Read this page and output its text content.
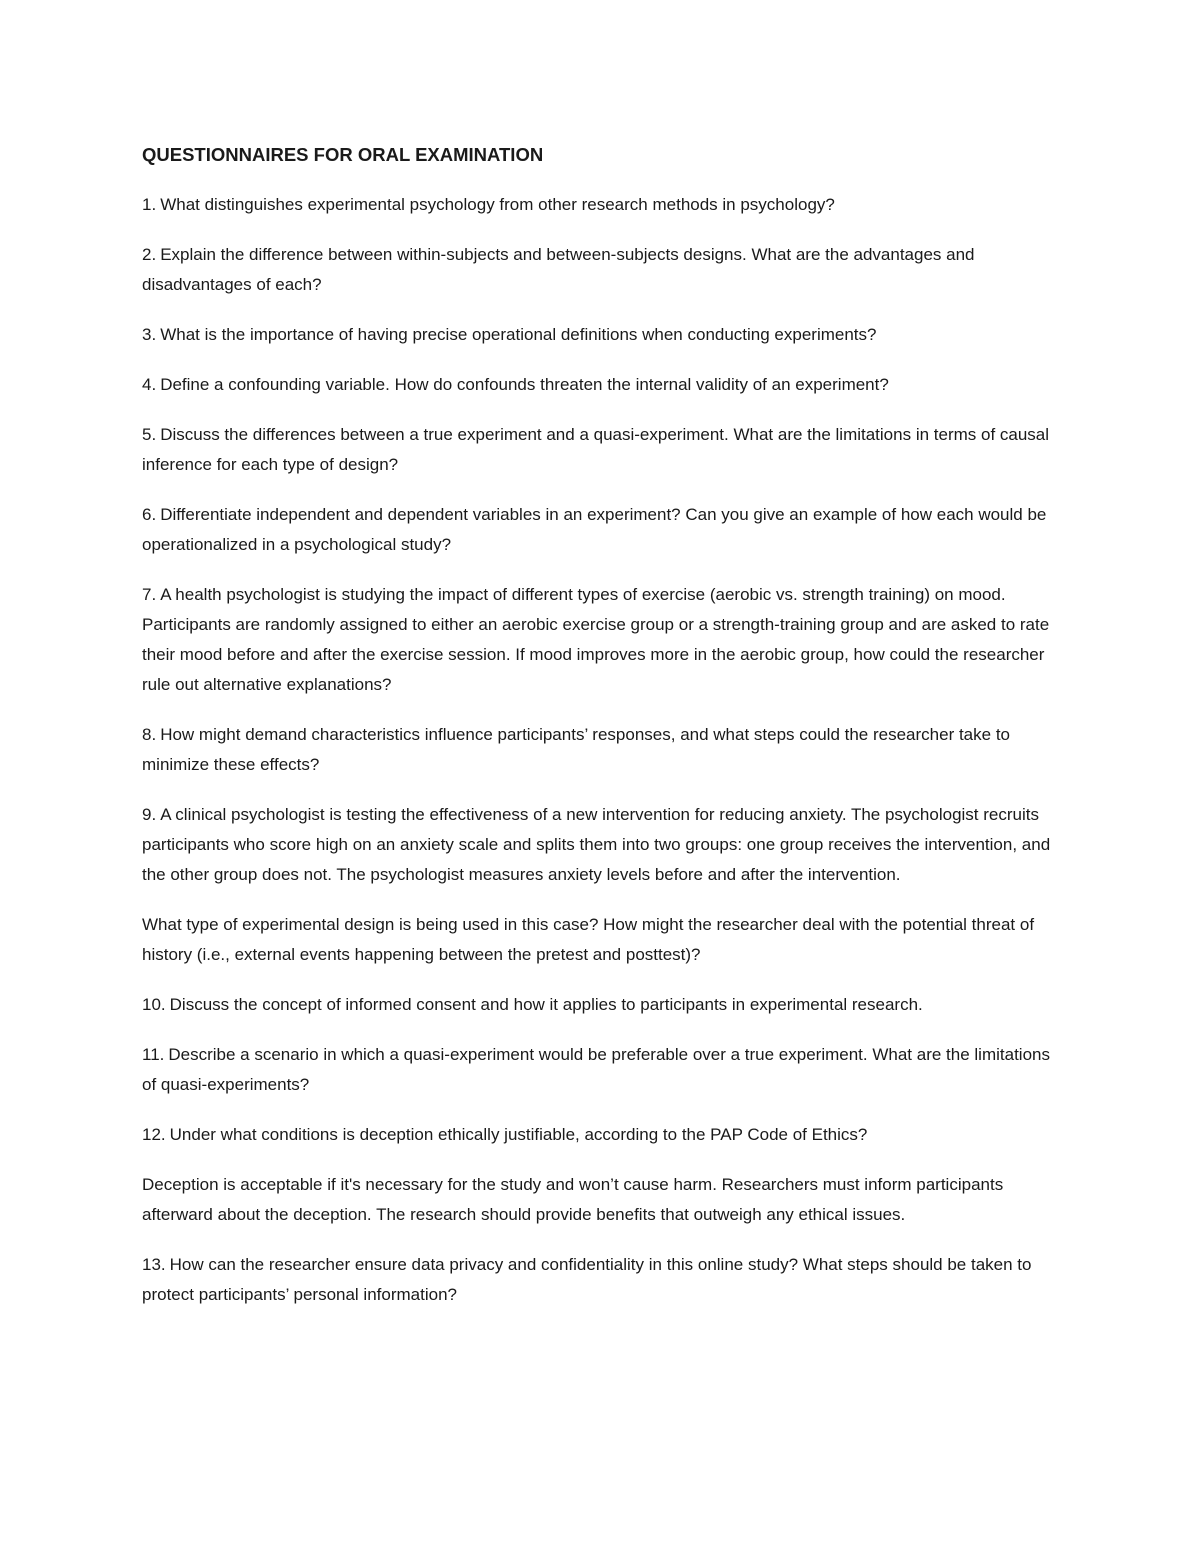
QUESTIONNAIRES FOR ORAL EXAMINATION

1. What distinguishes experimental psychology from other research methods in psychology?

2. Explain the difference between within-subjects and between-subjects designs. What are the advantages and disadvantages of each?

3. What is the importance of having precise operational definitions when conducting experiments?

4. Define a confounding variable. How do confounds threaten the internal validity of an experiment?

5. Discuss the differences between a true experiment and a quasi-experiment. What are the limitations in terms of causal inference for each type of design?

6. Differentiate independent and dependent variables in an experiment? Can you give an example of how each would be operationalized in a psychological study?

7. A health psychologist is studying the impact of different types of exercise (aerobic vs. strength training) on mood. Participants are randomly assigned to either an aerobic exercise group or a strength-training group and are asked to rate their mood before and after the exercise session. If mood improves more in the aerobic group, how could the researcher rule out alternative explanations?

8. How might demand characteristics influence participants’ responses, and what steps could the researcher take to minimize these effects?

9. A clinical psychologist is testing the effectiveness of a new intervention for reducing anxiety. The psychologist recruits participants who score high on an anxiety scale and splits them into two groups: one group receives the intervention, and the other group does not. The psychologist measures anxiety levels before and after the intervention.

What type of experimental design is being used in this case? How might the researcher deal with the potential threat of history (i.e., external events happening between the pretest and posttest)?

10. Discuss the concept of informed consent and how it applies to participants in experimental research.

11. Describe a scenario in which a quasi-experiment would be preferable over a true experiment. What are the limitations of quasi-experiments?

12. Under what conditions is deception ethically justifiable, according to the PAP Code of Ethics?

Deception is acceptable if it's necessary for the study and won’t cause harm. Researchers must inform participants afterward about the deception. The research should provide benefits that outweigh any ethical issues.

13. How can the researcher ensure data privacy and confidentiality in this online study? What steps should be taken to protect participants’ personal information?
